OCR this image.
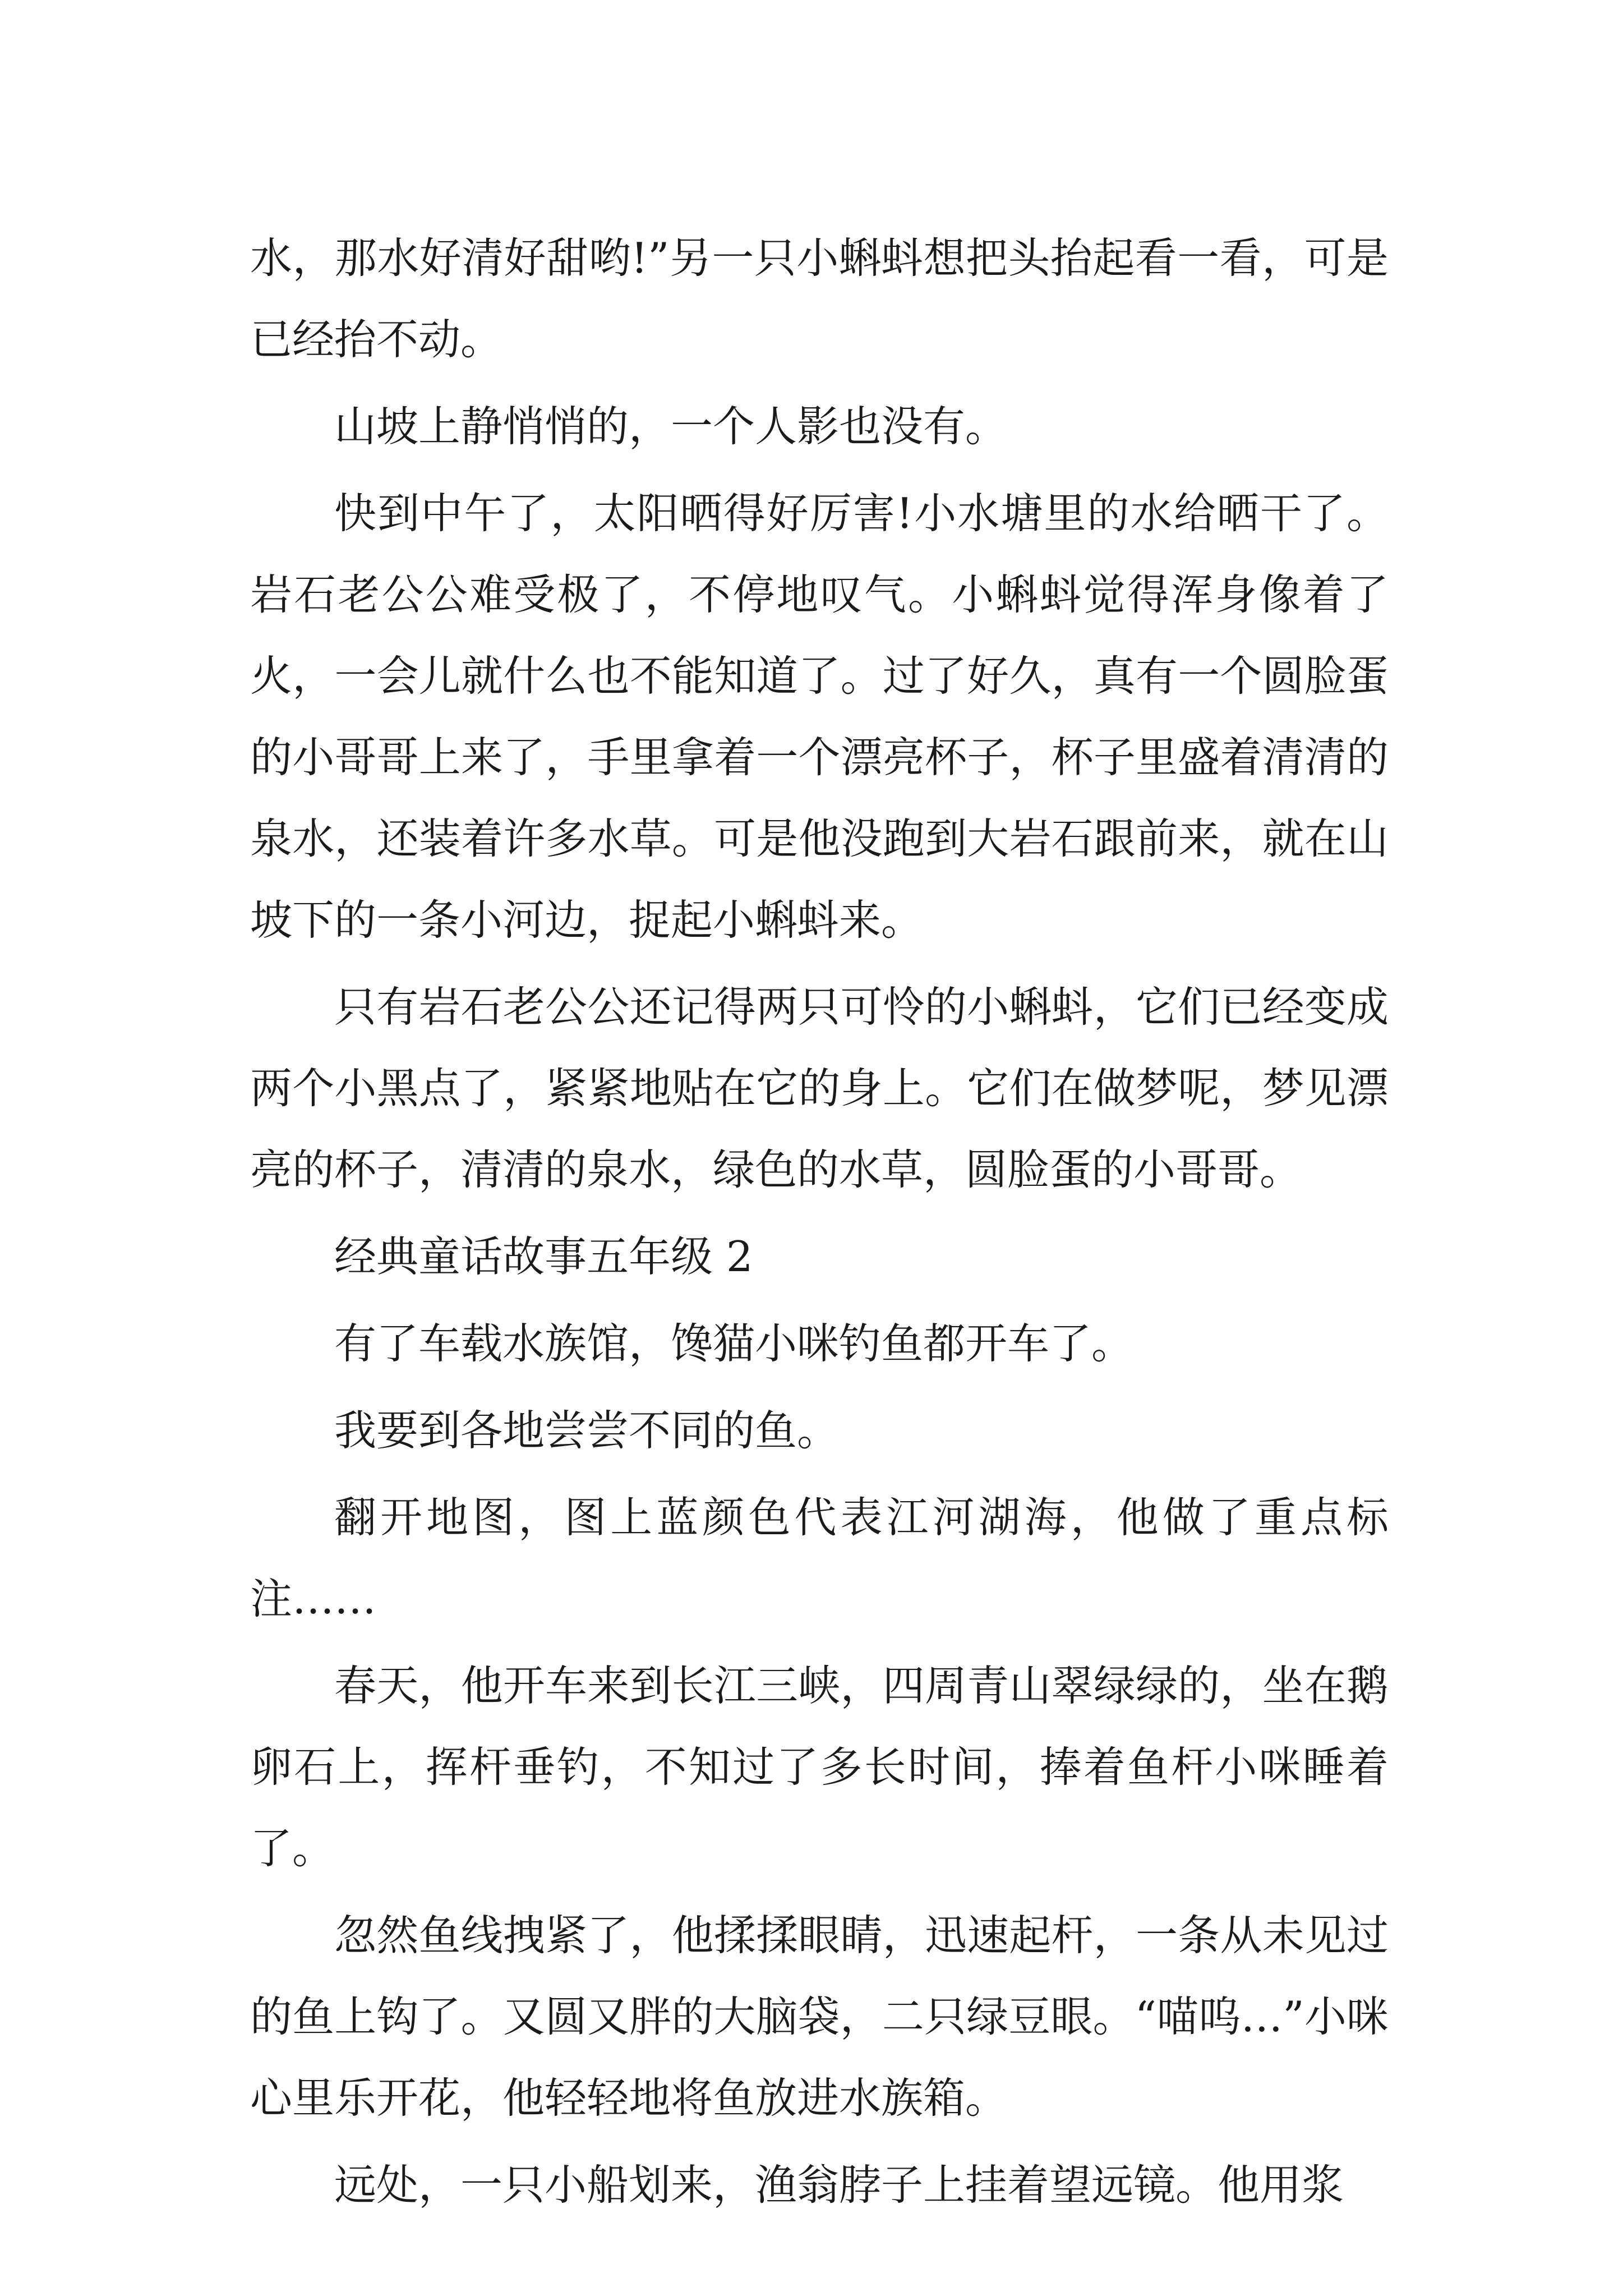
水，那水好清好甜哟!”另一只小蝌蚪想把头抬起看一看，可是已经抬不动。

山坡上静悄悄的，一个人影也没有。

快到中午了，太阳晒得好厉害!小水塘里的水给晒干了。岩石老公公难受极了，不停地叹气。小蝌蚪觉得浑身像着了火，一会儿就什么也不能知道了。过了好久，真有一个圆脸蛋的小哥哥上来了，手里拿着一个漂亮杯子，杯子里盛着清清的泉水，还装着许多水草。可是他没跑到大岩石跟前来，就在山坡下的一条小河边，捉起小蝌蚪来。

只有岩石老公公还记得两只可怜的小蝌蚪，它们已经变成两个小黑点了，紧紧地贴在它的身上。它们在做梦呢，梦见漂亮的杯子，清清的泉水，绿色的水草，圆脸蛋的小哥哥。

经典童话故事五年级 2

有了车载水族馆，馋猫小咪钓鱼都开车了。

我要到各地尝尝不同的鱼。

翻开地图，图上蓝颜色代表江河湖海，他做了重点标注……

春天，他开车来到长江三峡，四周青山翠绿绿的，坐在鹅卵石上，挥杆垂钓，不知过了多长时间，捧着鱼杆小咪睡着了。

忽然鱼线拽紧了，他揉揉眼睛，迅速起杆，一条从未见过的鱼上钩了。又圆又胖的大脑袋，二只绿豆眼。“喵呜…”小咪心里乐开花，他轻轻地将鱼放进水族箱。

远处，一只小船划来，渔翁脖子上挂着望远镜。他用浆
